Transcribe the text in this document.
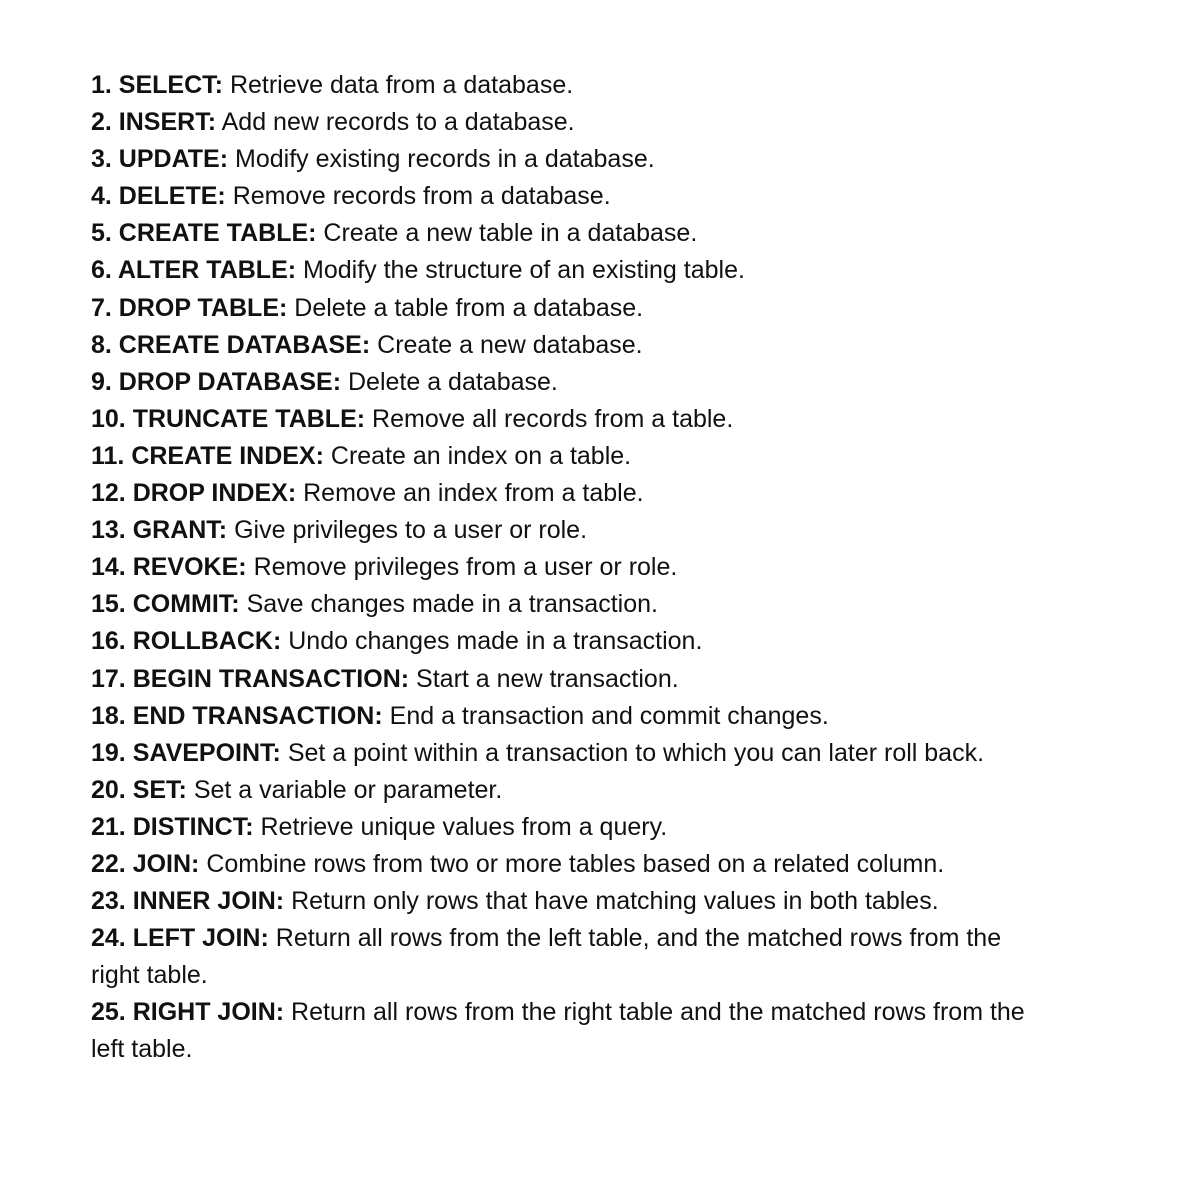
1. SELECT: Retrieve data from a database.

2. INSERT: Add new records to a database.

3. UPDATE: Modify existing records in a database.

4. DELETE: Remove records from a database.

5. CREATE TABLE: Create a new table in a database.

6. ALTER TABLE: Modify the structure of an existing table.

7. DROP TABLE: Delete a table from a database.

8. CREATE DATABASE: Create a new database.

9. DROP DATABASE: Delete a database.

10. TRUNCATE TABLE: Remove all records from a table.

11. CREATE INDEX: Create an index on a table.

12. DROP INDEX: Remove an index from a table.

13. GRANT: Give privileges to a user or role.

14. REVOKE: Remove privileges from a user or role.

15. COMMIT: Save changes made in a transaction.

16. ROLLBACK: Undo changes made in a transaction.

17. BEGIN TRANSACTION: Start a new transaction.

18. END TRANSACTION: End a transaction and commit changes.

19. SAVEPOINT: Set a point within a transaction to which you can later roll back.

20. SET: Set a variable or parameter.

21. DISTINCT: Retrieve unique values from a query.

22. JOIN: Combine rows from two or more tables based on a related column.

23. INNER JOIN: Return only rows that have matching values in both tables.

24. LEFT JOIN: Return all rows from the left table, and the matched rows from the right table.

25. RIGHT JOIN: Return all rows from the right table and the matched rows from the left table.
